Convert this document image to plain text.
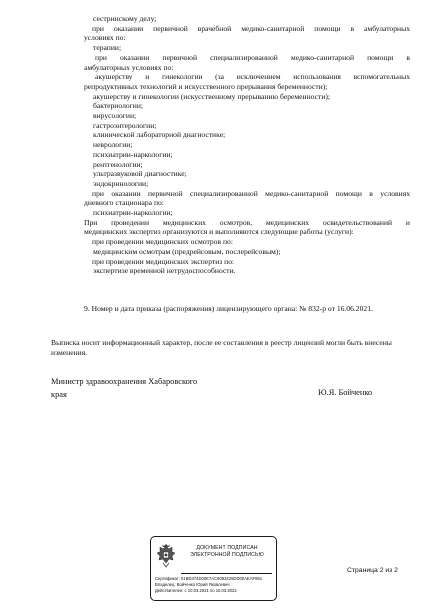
сестринскому делу;

при оказании первичной врачебной медико-санитарной помощи в амбулаторных

условиях по:

терапии;

при оказании первичной специализированной медико-санитарной помощи в

амбулаторных условиях по:

акушерству и гинекологии (за исключением использования вспомогательных

репродуктивных технологий и искусственного прерывания беременности);

акушерству и гинекологии (искусственному прерыванию беременности);

бактериологии;

вирусологии;

гастроэнтерологии;

клинической лабораторной диагностике;

неврологии;

психиатрии-наркологии;

рентгенологии;

ультразвуковой диагностике;

эндокринологии;

при оказании первичной специализированной медико-санитарной помощи в условиях

дневного стационара по:

психиатрии-наркологии;

При проведении медицинских осмотров, медицинских освидетельствований и

медицинских экспертиз организуются и выполняются следующие работы (услуги):

при проведении медицинских осмотров по:

медицинским осмотрам (предрейсовым, послерейсовым);

при проведении медицинских экспертиз по:

экспертизе временной нетрудоспособности.

9. Номер и дата приказа (распоряжения) лицензирующего органа: № 832-р от 16.06.2021.

Выписка носит информационный характер, после ее составления в реестр лицензий могли быть внесены изменения.

Министр здравоохранения Хабаровского
края	Ю.Я. Бойченко
ДОКУМЕНТ ПОДПИСАН
ЭЛЕКТРОННОЙ ПОДПИСЬЮ
Сертификат: 01BD474D00E7AC9093425DD00AEAF891
Владелец: Бойченко Юрий Яковлевич
Действителен: с 10.03.2021 по 10.03.2022
Страница 2 из 2
